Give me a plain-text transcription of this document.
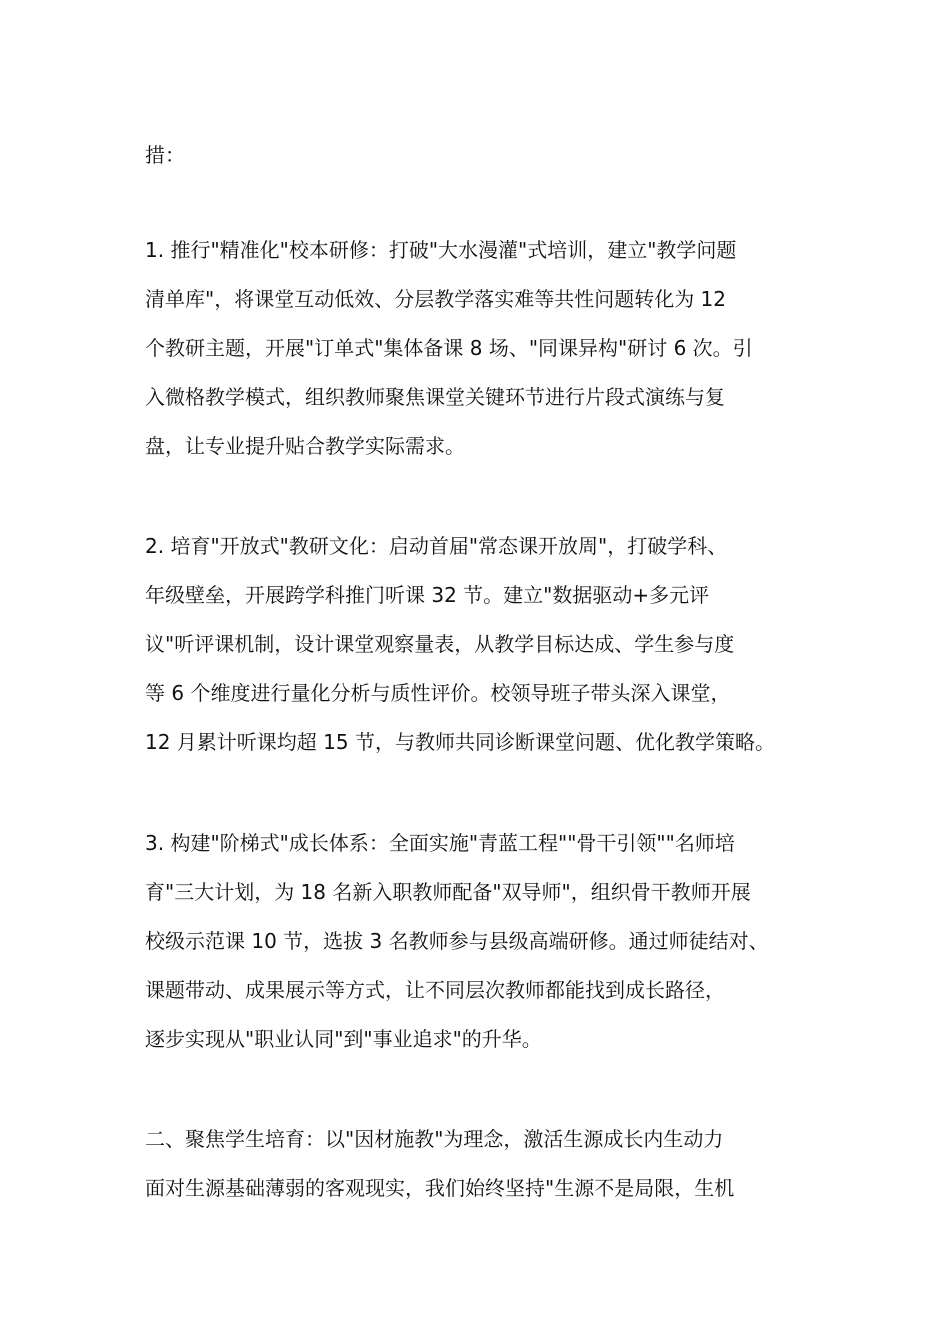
措：
1. 推行"精准化"校本研修：打破"大水漫灌"式培训，建立"教学问题
清单库"，将课堂互动低效、分层教学落实难等共性问题转化为 12
个教研主题，开展"订单式"集体备课 8 场、"同课异构"研讨 6 次。引
入微格教学模式，组织教师聚焦课堂关键环节进行片段式演练与复
盘，让专业提升贴合教学实际需求。
2. 培育"开放式"教研文化：启动首届"常态课开放周"，打破学科、
年级壁垒，开展跨学科推门听课 32 节。建立"数据驱动+多元评
议"听评课机制，设计课堂观察量表，从教学目标达成、学生参与度
等 6 个维度进行量化分析与质性评价。校领导班子带头深入课堂，
12 月累计听课均超 15 节，与教师共同诊断课堂问题、优化教学策略。
3. 构建"阶梯式"成长体系：全面实施"青蓝工程""骨干引领""名师培
育"三大计划，为 18 名新入职教师配备"双导师"，组织骨干教师开展
校级示范课 10 节，选拔 3 名教师参与县级高端研修。通过师徒结对、
课题带动、成果展示等方式，让不同层次教师都能找到成长路径，
逐步实现从"职业认同"到"事业追求"的升华。
二、聚焦学生培育：以"因材施教"为理念，激活生源成长内生动力
面对生源基础薄弱的客观现实，我们始终坚持"生源不是局限，生机
